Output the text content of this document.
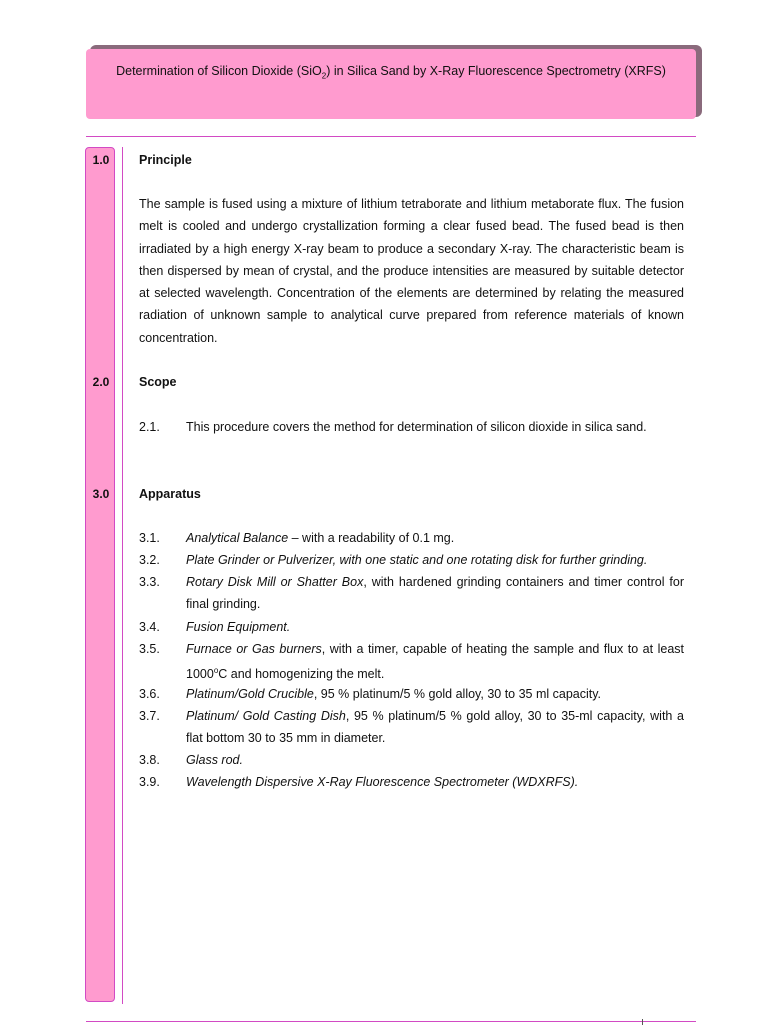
Determination of Silicon Dioxide (SiO$_2$) in Silica Sand by X-Ray Fluorescence Spectrometry (XRFS)
1.0	Principle

The sample is fused using a mixture of lithium tetraborate and lithium metaborate flux. The fusion melt is cooled and undergo crystallization forming a clear fused bead. The fused bead is then irradiated by a high energy X-ray beam to produce a secondary X-ray. The characteristic beam is then dispersed by mean of crystal, and the produce intensities are measured by suitable detector at selected wavelength. Concentration of the elements are determined by relating the measured radiation of unknown sample to analytical curve prepared from reference materials of known concentration.

2.0	Scope
2.1. This procedure covers the method for determination of silicon dioxide in silica sand.
3.0	Apparatus
3.1. Analytical Balance – with a readability of 0.1 mg.
3.2. Plate Grinder or Pulverizer, with one static and one rotating disk for further grinding.
3.3. Rotary Disk Mill or Shatter Box, with hardened grinding containers and timer control for final grinding.
3.4. Fusion Equipment.
3.5. Furnace or Gas burners, with a timer, capable of heating the sample and flux to at least 1000$^o$C and homogenizing the melt.
3.6. Platinum/Gold Crucible, 95 % platinum/5 % gold alloy, 30 to 35 ml capacity.
3.7. Platinum/ Gold Casting Dish, 95 % platinum/5 % gold alloy, 30 to 35-ml capacity, with a flat bottom 30 to 35 mm in diameter.
3.8. Glass rod.
3.9. Wavelength Dispersive X-Ray Fluorescence Spectrometer (WDXRFS).
